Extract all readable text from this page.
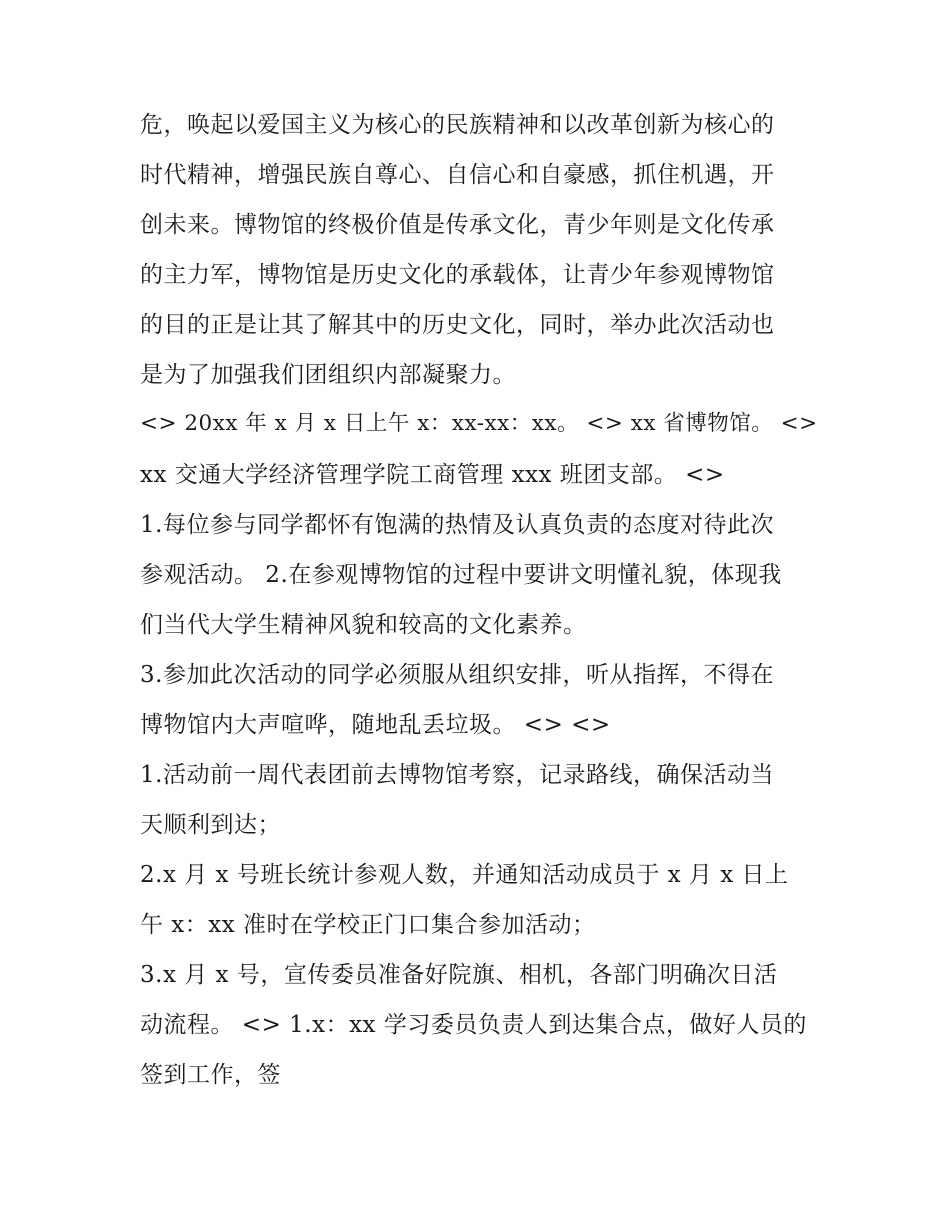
危，唤起以爱国主义为核心的民族精神和以改革创新为核心的
时代精神，增强民族自尊心、自信心和自豪感，抓住机遇，开
创未来。博物馆的终极价值是传承文化，青少年则是文化传承
的主力军，博物馆是历史文化的承载体，让青少年参观博物馆
的目的正是让其了解其中的历史文化，同时，举办此次活动也
是为了加强我们团组织内部凝聚力。
<> 20xx 年 x 月 x 日上午 x：xx-xx：xx。 <> xx 省博物馆。 <>
xx 交通大学经济管理学院工商管理 xxx 班团支部。 <>
1.每位参与同学都怀有饱满的热情及认真负责的态度对待此次
参观活动。 2.在参观博物馆的过程中要讲文明懂礼貌，体现我
们当代大学生精神风貌和较高的文化素养。
3.参加此次活动的同学必须服从组织安排，听从指挥，不得在
博物馆内大声喧哗，随地乱丢垃圾。 <> <>
1.活动前一周代表团前去博物馆考察，记录路线，确保活动当
天顺利到达；
2.x 月 x 号班长统计参观人数，并通知活动成员于 x 月 x 日上
午 x：xx 准时在学校正门口集合参加活动；
3.x 月 x 号，宣传委员准备好院旗、相机，各部门明确次日活
动流程。 <> 1.x：xx 学习委员负责人到达集合点，做好人员的
签到工作，签
